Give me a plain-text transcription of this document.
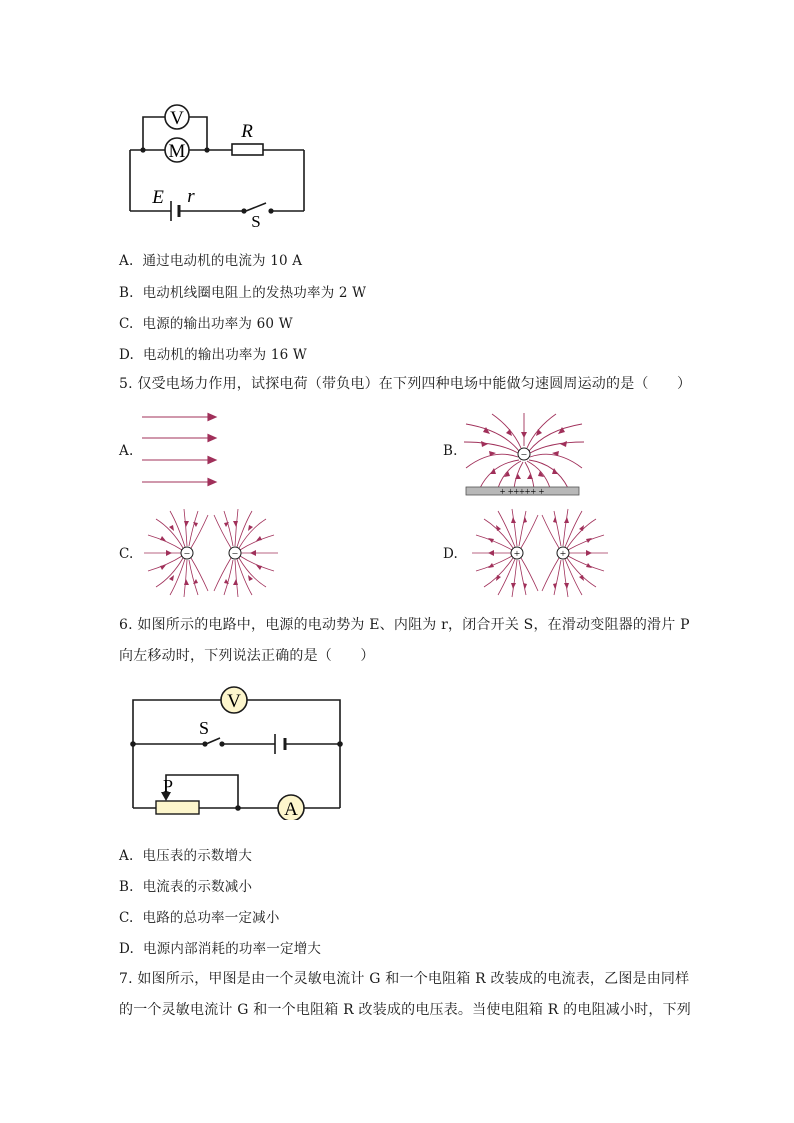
V
M
R
E r
S
A. 通过电动机的电流为 10 A
B. 电动机线圈电阻上的发热功率为 2 W
C. 电源的输出功率为 60 W
D. 电动机的输出功率为 16 W
5. 仅受电场力作用，试探电荷（带负电）在下列四种电场中能做匀速圆周运动的是（　　）
A.	B.
C.	D.
−
+ +++++ +
−	−	+	+
6. 如图所示的电路中，电源的电动势为 E、内阻为 r，闭合开关 S，在滑动变阻器的滑片 P
向左移动时，下列说法正确的是（　　）
V
S
P
A
A. 电压表的示数增大
B. 电流表的示数减小
C. 电路的总功率一定减小
D. 电源内部消耗的功率一定增大
7. 如图所示，甲图是由一个灵敏电流计 G 和一个电阻箱 R 改装成的电流表，乙图是由同样
的一个灵敏电流计 G 和一个电阻箱 R 改装成的电压表。当使电阻箱 R 的电阻减小时，下列
